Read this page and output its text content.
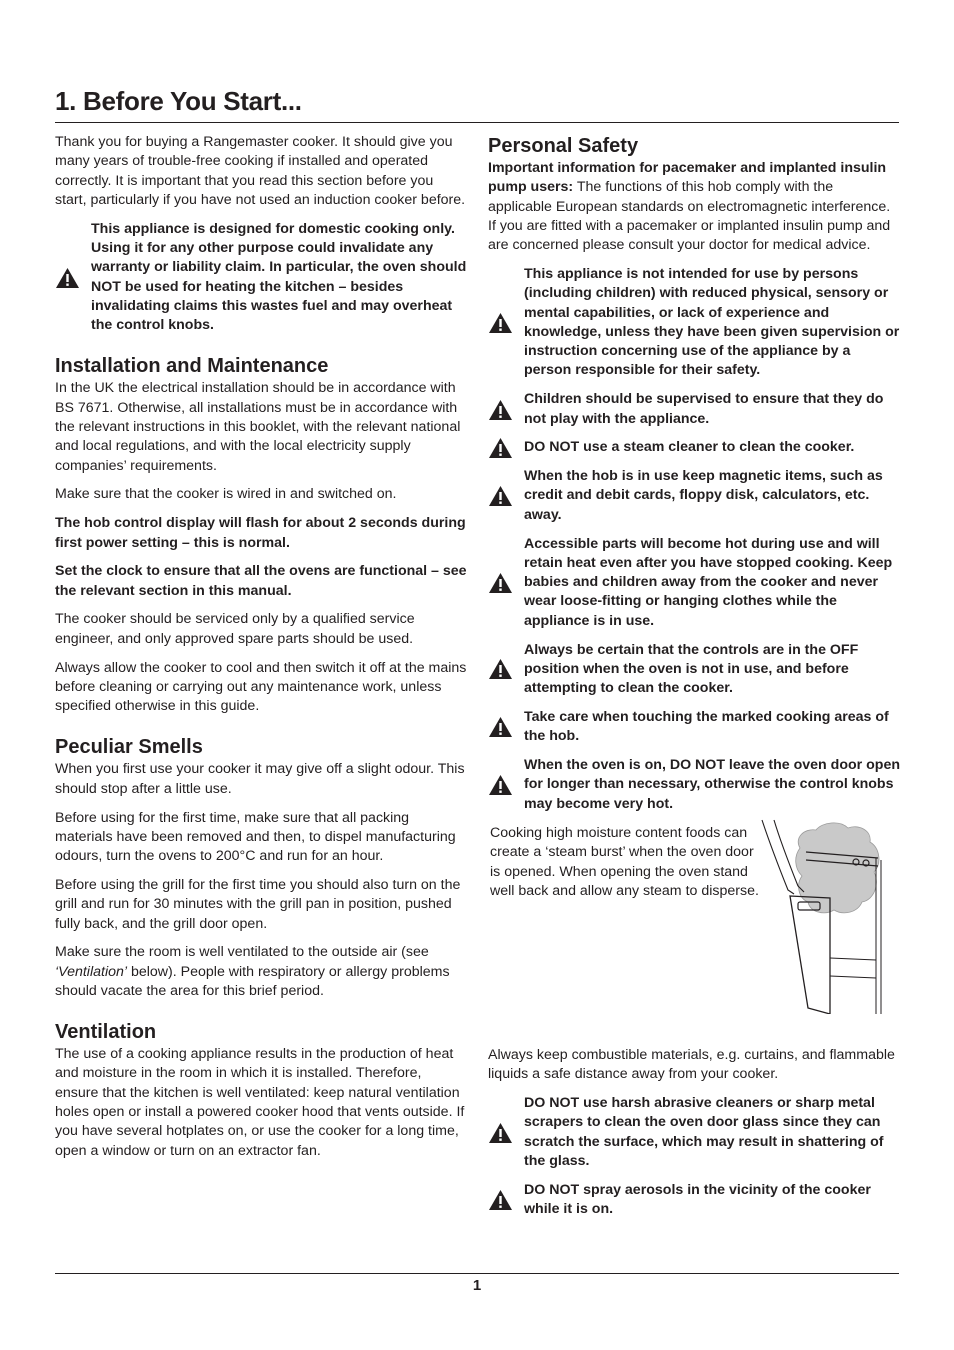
1. Before You Start...

Thank you for buying a Rangemaster cooker. It should give you many years of trouble-free cooking if installed and operated correctly. It is important that you read this section before you start, particularly if you have not used an induction cooker before.

This appliance is designed for domestic cooking only. Using it for any other purpose could invalidate any warranty or liability claim. In particular, the oven should NOT be used for heating the kitchen – besides invalidating claims this wastes fuel and may overheat the control knobs.
Installation and Maintenance

In the UK the electrical installation should be in accordance with BS 7671. Otherwise, all installations must be in accordance with the relevant instructions in this booklet, with the relevant national and local regulations, and with the local electricity supply companies’ requirements.

Make sure that the cooker is wired in and switched on.

The hob control display will flash for about 2 seconds during first power setting – this is normal.

Set the clock to ensure that all the ovens are functional – see the relevant section in this manual.

The cooker should be serviced only by a qualified service engineer, and only approved spare parts should be used.

Always allow the cooker to cool and then switch it off at the mains before cleaning or carrying out any maintenance work, unless specified otherwise in this guide.

Peculiar Smells

When you first use your cooker it may give off a slight odour. This should stop after a little use.

Before using for the first time, make sure that all packing materials have been removed and then, to dispel manufacturing odours, turn the ovens to 200°C and run for an hour.

Before using the grill for the first time you should also turn on the grill and run for 30 minutes with the grill pan in position, pushed fully back, and the grill door open.

Make sure the room is well ventilated to the outside air (see ‘Ventilation’ below). People with respiratory or allergy problems should vacate the area for this brief period.

Ventilation

The use of a cooking appliance results in the production of heat and moisture in the room in which it is installed. Therefore, ensure that the kitchen is well ventilated: keep natural ventilation holes open or install a powered cooker hood that vents outside. If you have several hotplates on, or use the cooker for a long time, open a window or turn on an extractor fan.

Personal Safety

Important information for pacemaker and implanted insulin pump users: The functions of this hob comply with the applicable European standards on electromagnetic interference. If you are fitted with a pacemaker or implanted insulin pump and are concerned please consult your doctor for medical advice.

This appliance is not intended for use by persons (including children) with reduced physical, sensory or mental capabilities, or lack of experience and knowledge, unless they have been given supervision or instruction concerning use of the appliance by a person responsible for their safety.
Children should be supervised to ensure that they do not play with the appliance.
DO NOT use a steam cleaner to clean the cooker.
When the hob is in use keep magnetic items, such as credit and debit cards, floppy disk, calculators, etc. away.
Accessible parts will become hot during use and will retain heat even after you have stopped cooking. Keep babies and children away from the cooker and never wear loose-fitting or hanging clothes while the appliance is in use.
Always be certain that the controls are in the OFF position when the oven is not in use, and before attempting to clean the cooker.
Take care when touching the marked cooking areas of the hob.
When the oven is on, DO NOT leave the oven door open for longer than necessary, otherwise the control knobs may become very hot.

Cooking high moisture content foods can create a ‘steam burst’ when the oven door is opened. When opening the oven stand well back and allow any steam to disperse.

Always keep combustible materials, e.g. curtains, and flammable liquids a safe distance away from your cooker.

DO NOT use harsh abrasive cleaners or sharp metal scrapers to clean the oven door glass since they can scratch the surface, which may result in shattering of the glass.
DO NOT spray aerosols in the vicinity of the cooker while it is on.
1
